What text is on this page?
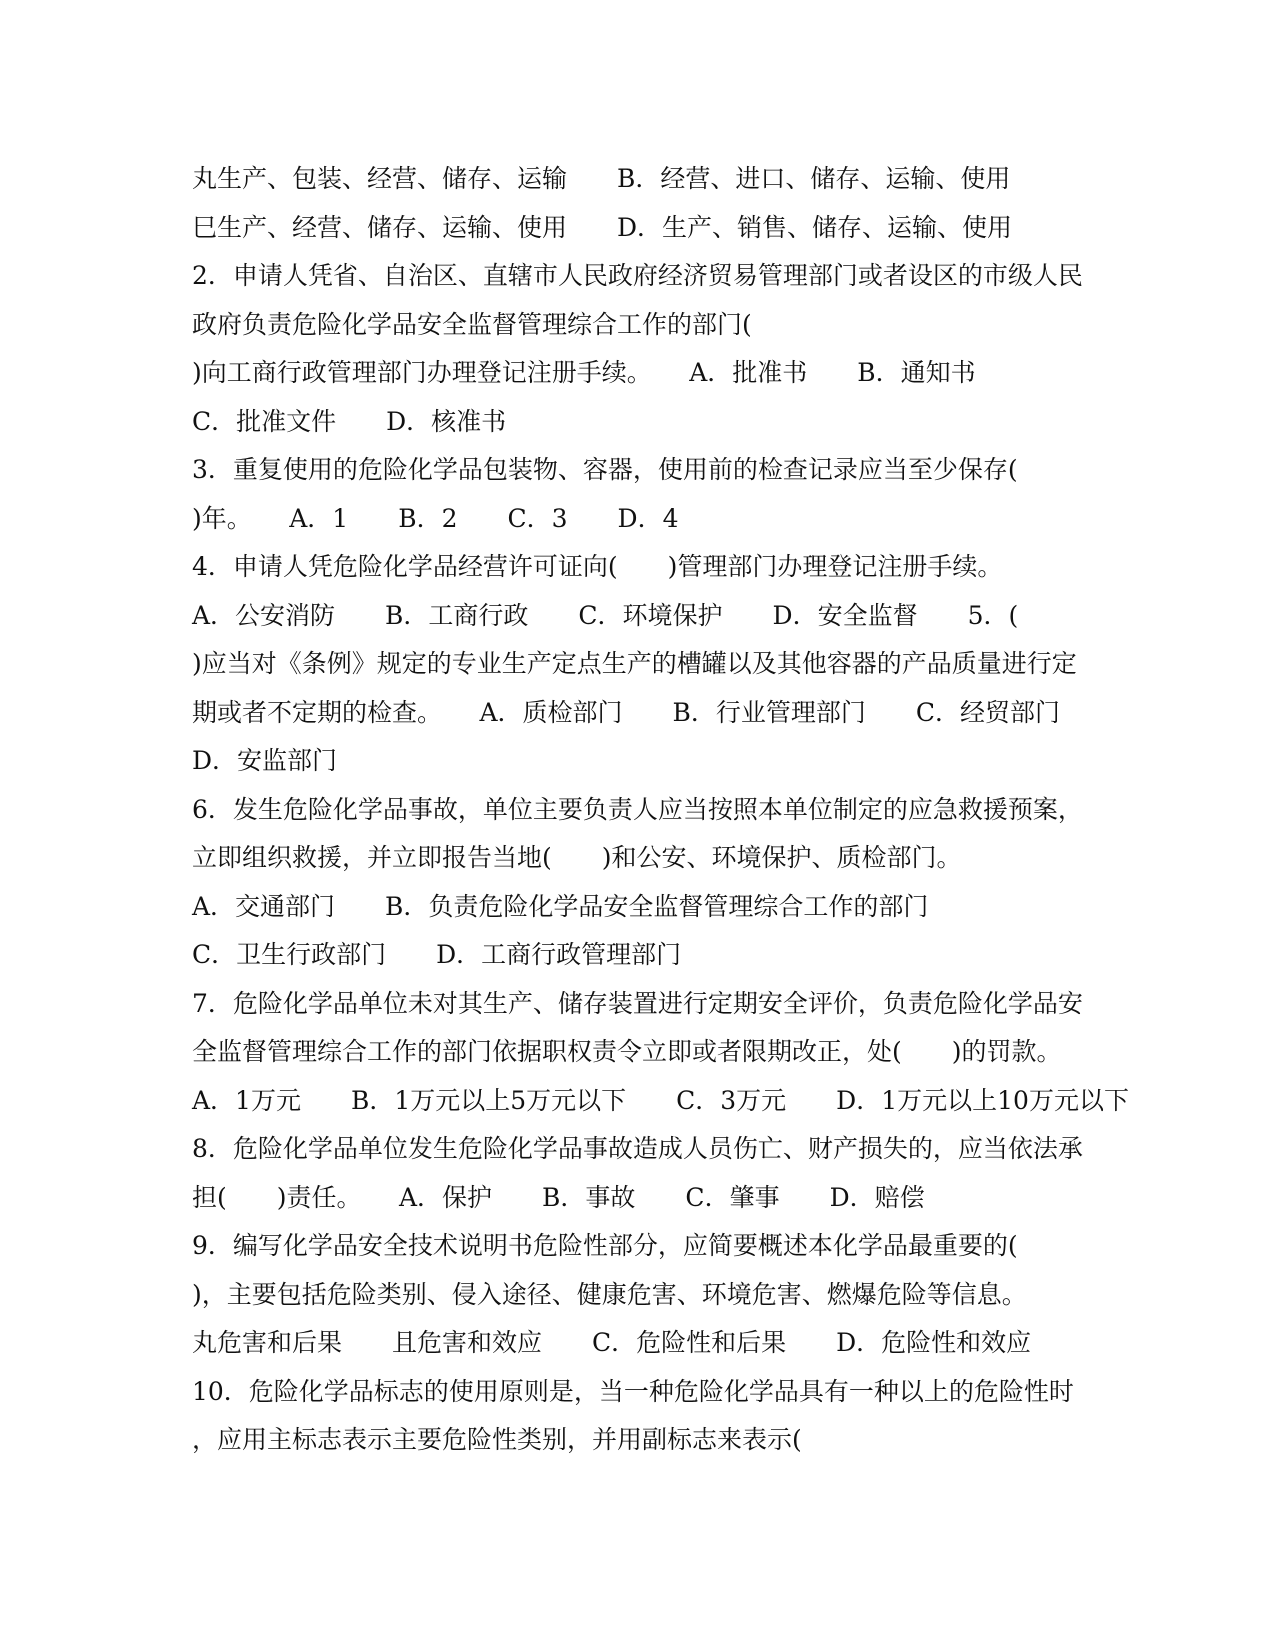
丸生产、包装、经营、储存、运输　　B．经营、进口、储存、运输、使用
巳生产、经营、储存、运输、使用　　D．生产、销售、储存、运输、使用
2．申请人凭省、自治区、直辖市人民政府经济贸易管理部门或者设区的市级人民
政府负责危险化学品安全监督管理综合工作的部门(
)向工商行政管理部门办理登记注册手续。　　A．批准书　　B．通知书
C．批准文件　　D．核准书
3．重复使用的危险化学品包装物、容器，使用前的检查记录应当至少保存(
)年。　　A．1　　B．2　　C．3　　D．4
4．申请人凭危险化学品经营许可证向(　　)管理部门办理登记注册手续。
A．公安消防　　B．工商行政　　C．环境保护　　D．安全监督　　5．(
)应当对《条例》规定的专业生产定点生产的槽罐以及其他容器的产品质量进行定
期或者不定期的检查。　　A．质检部门　　B．行业管理部门　　C．经贸部门
D．安监部门
6．发生危险化学品事故，单位主要负责人应当按照本单位制定的应急救援预案，
立即组织救援，并立即报告当地(　　)和公安、环境保护、质检部门。
A．交通部门　　B．负责危险化学品安全监督管理综合工作的部门
C．卫生行政部门　　D．工商行政管理部门
7．危险化学品单位未对其生产、储存装置进行定期安全评价，负责危险化学品安
全监督管理综合工作的部门依据职权责令立即或者限期改正，处(　　)的罚款。
A．1万元　　B．1万元以上5万元以下　　C．3万元　　D．1万元以上10万元以下
8．危险化学品单位发生危险化学品事故造成人员伤亡、财产损失的，应当依法承
担(　　)责任。　　A．保护　　B．事故　　C．肇事　　D．赔偿
9．编写化学品安全技术说明书危险性部分，应简要概述本化学品最重要的(
)，主要包括危险类别、侵入途径、健康危害、环境危害、燃爆危险等信息。
丸危害和后果　　且危害和效应　　C．危险性和后果　　D．危险性和效应
10．危险化学品标志的使用原则是，当一种危险化学品具有一种以上的危险性时
，应用主标志表示主要危险性类别，并用副标志来表示(
